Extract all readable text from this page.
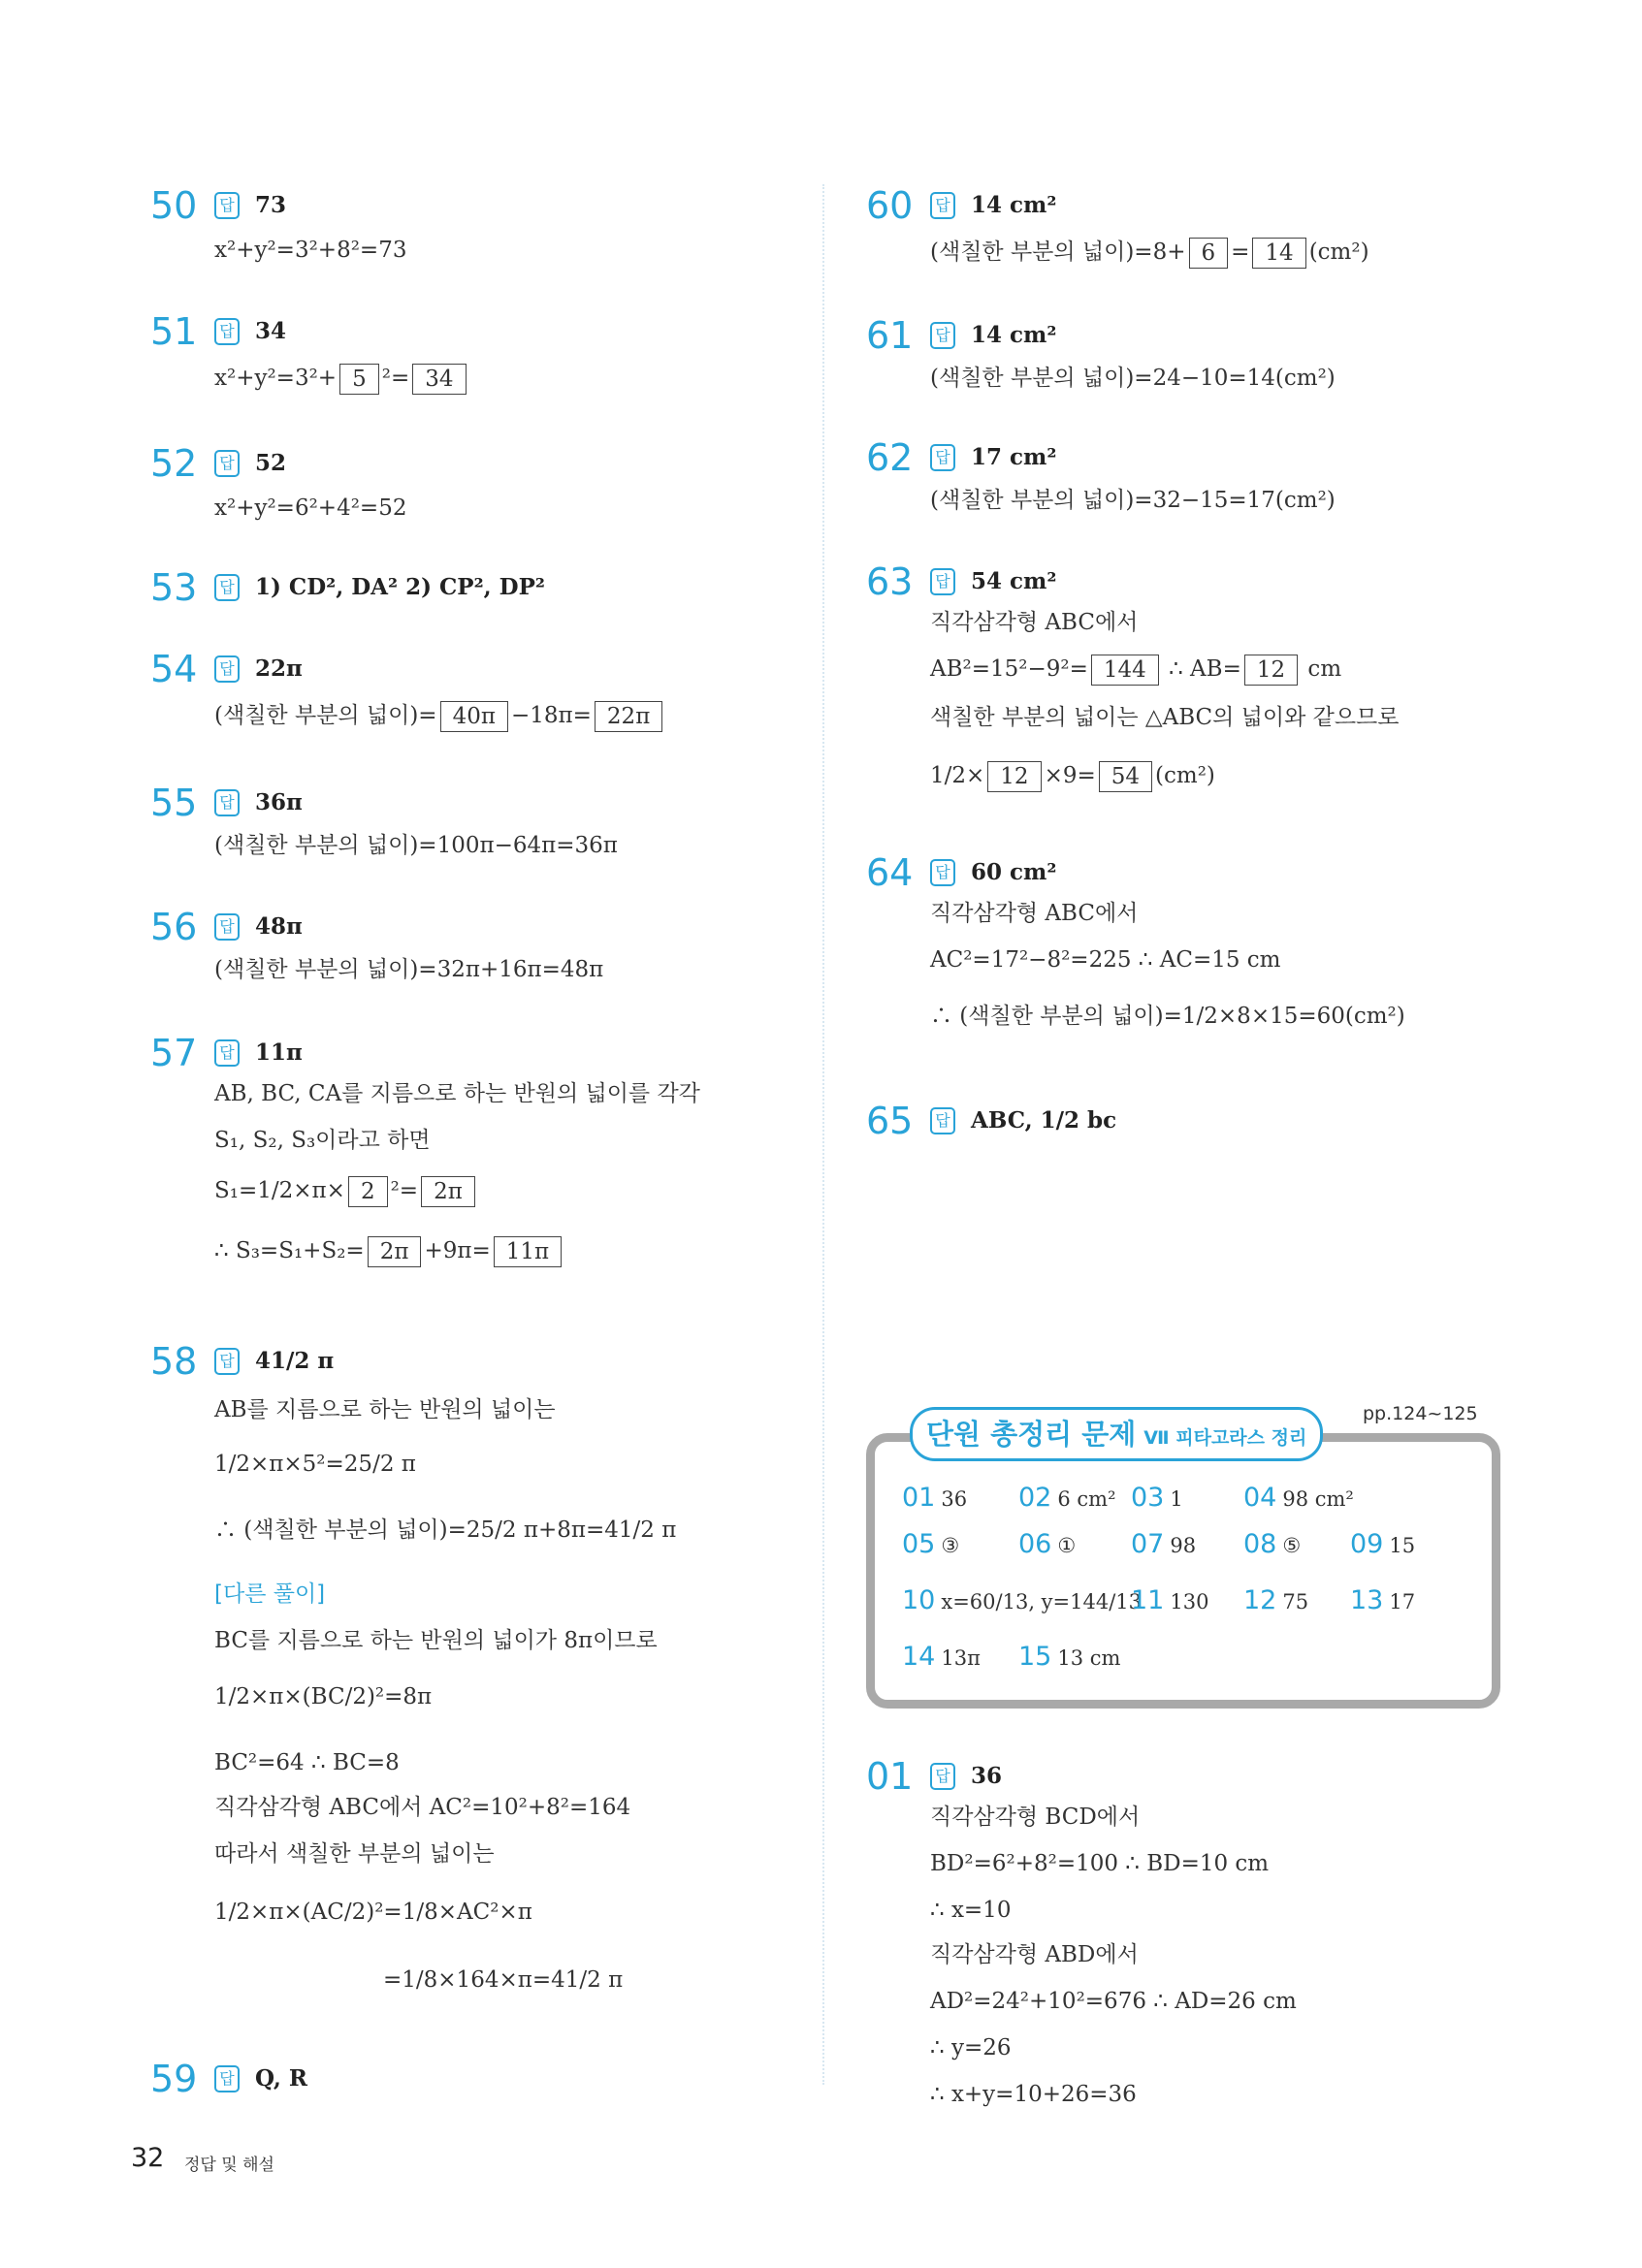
50	답 73
x²+y²=3²+8²=73
51	답 34
x²+y²=3²+ 5 ²= 34
52	답 52
x²+y²=6²+4²=52
53	답 1) CD², DA² 2) CP², DP²
54	답 22π
(색칠한 부분의 넓이)= 40π −18π= 22π
55	답 36π
(색칠한 부분의 넓이)=100π−64π=36π
56	답 48π
(색칠한 부분의 넓이)=32π+16π=48π
57	답 11π
AB, BC, CA를 지름으로 하는 반원의 넓이를 각각
S₁, S₂, S₃이라고 하면
S₁=1/2×π× 2 ²= 2π
∴ S₃=S₁+S₂= 2π +9π= 11π
58	답 41/2 π
AB를 지름으로 하는 반원의 넓이는
1/2×π×5²=25/2 π
∴ (색칠한 부분의 넓이)=25/2 π+8π=41/2 π
[다른 풀이]
BC를 지름으로 하는 반원의 넓이가 8π이므로
1/2×π×(BC/2)²=8π
BC²=64 ∴ BC=8
직각삼각형 ABC에서 AC²=10²+8²=164
따라서 색칠한 부분의 넓이는
1/2×π×(AC/2)²=1/8×AC²×π
=1/8×164×π=41/2 π
59	답 Q, R
60	답 14 cm²
(색칠한 부분의 넓이)=8+ 6 = 14 (cm²)
61	답 14 cm²
(색칠한 부분의 넓이)=24−10=14(cm²)
62	답 17 cm²
(색칠한 부분의 넓이)=32−15=17(cm²)
63	답 54 cm²
직각삼각형 ABC에서
AB²=15²−9²= 144 ∴ AB= 12 cm
색칠한 부분의 넓이는 △ABC의 넓이와 같으므로
1/2× 12 ×9= 54 (cm²)
64	답 60 cm²
직각삼각형 ABC에서
AC²=17²−8²=225 ∴ AC=15 cm
∴ (색칠한 부분의 넓이)=1/2×8×15=60(cm²)
65	답 ABC, 1/2 bc
01	답 36
직각삼각형 BCD에서
BD²=6²+8²=100 ∴ BD=10 cm
∴ x=10
직각삼각형 ABD에서
AD²=24²+10²=676 ∴ AD=26 cm
∴ y=26
∴ x+y=10+26=36
pp.124~125
단원 총정리 문제 Ⅶ 피타고라스 정리
01 36 02 6 cm² 03 1 04 98 cm²
05 ③ 06 ① 07 98 08 ⑤ 09 15
10 x=60/13, y=144/13
11 130 12 75 13 17
14 13π 15 13 cm
32 정답 및 해설
